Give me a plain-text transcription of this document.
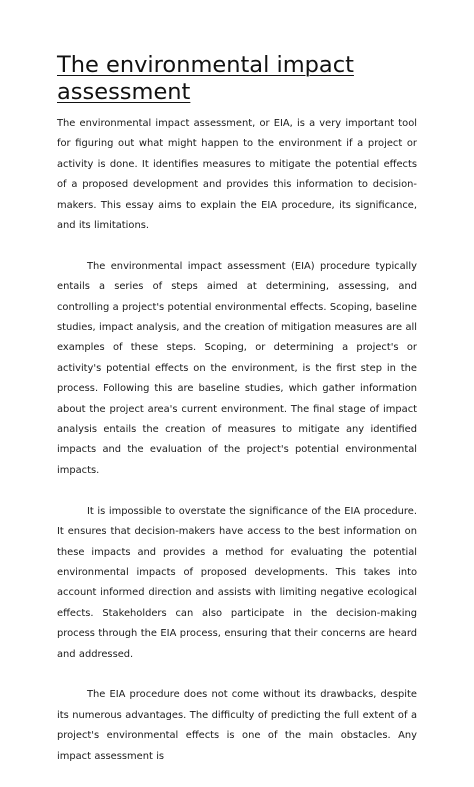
The environmental impact assessment

The environmental impact assessment, or EIA, is a very important tool for figuring out what might happen to the environment if a project or activity is done. It identifies measures to mitigate the potential effects of a proposed development and provides this information to decision-makers. This essay aims to explain the EIA procedure, its significance, and its limitations.

The environmental impact assessment (EIA) procedure typically entails a series of steps aimed at determining, assessing, and controlling a project's potential environmental effects. Scoping, baseline studies, impact analysis, and the creation of mitigation measures are all examples of these steps. Scoping, or determining a project's or activity's potential effects on the environment, is the first step in the process. Following this are baseline studies, which gather information about the project area's current environment. The final stage of impact analysis entails the creation of measures to mitigate any identified impacts and the evaluation of the project's potential environmental impacts.

It is impossible to overstate the significance of the EIA procedure. It ensures that decision-makers have access to the best information on these impacts and provides a method for evaluating the potential environmental impacts of proposed developments. This takes into account informed direction and assists with limiting negative ecological effects. Stakeholders can also participate in the decision-making process through the EIA process, ensuring that their concerns are heard and addressed.

The EIA procedure does not come without its drawbacks, despite its numerous advantages. The difficulty of predicting the full extent of a project's environmental effects is one of the main obstacles. Any impact assessment is
